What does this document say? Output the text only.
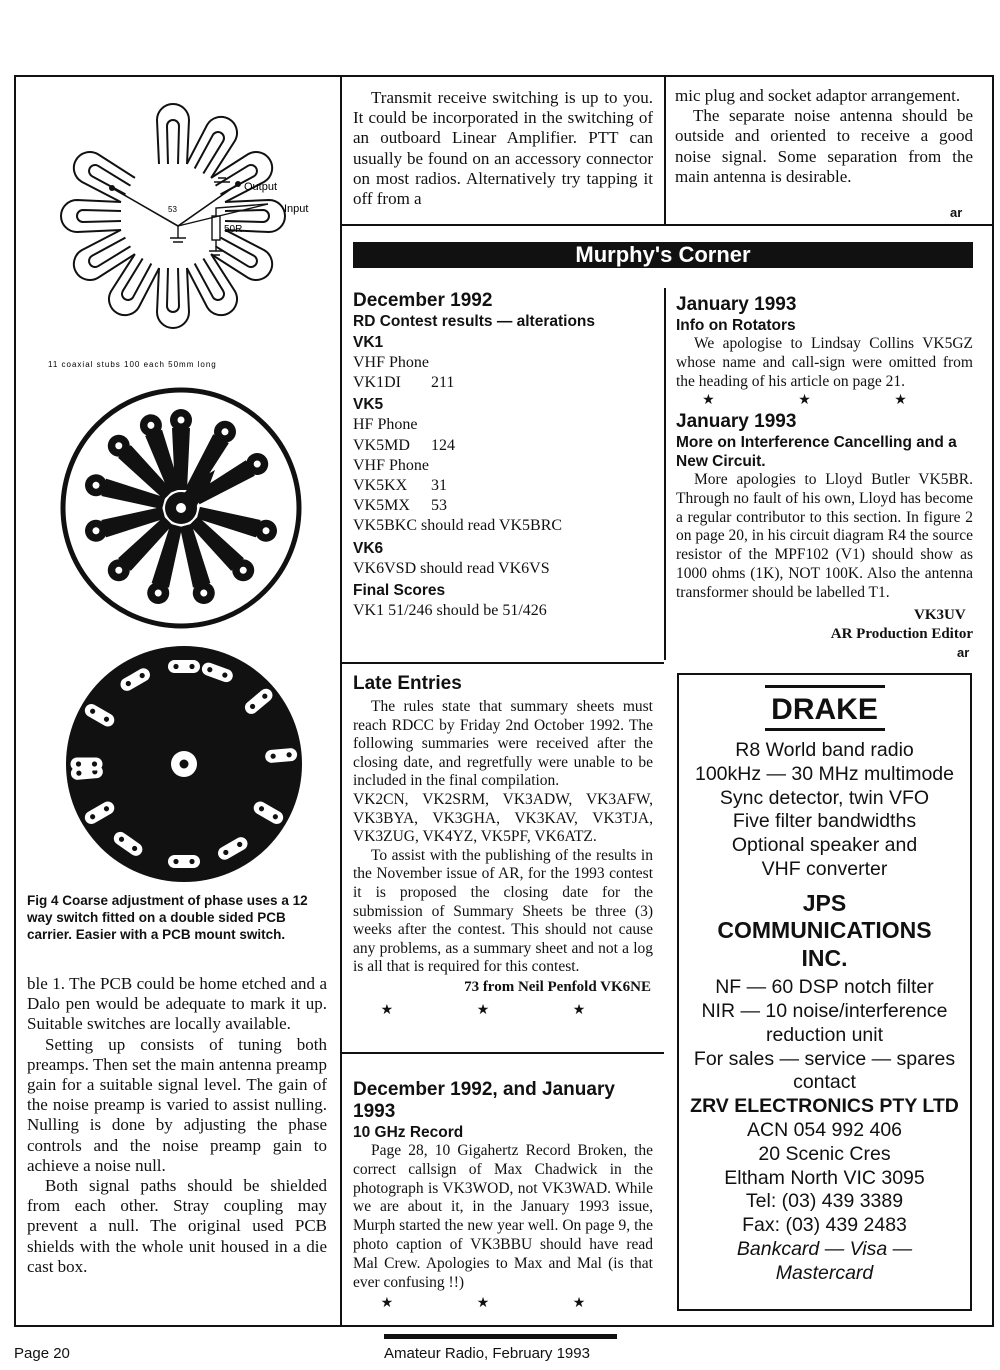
Output
Input
50R
53
11 coaxial stubs 100 each 50mm long
Fig 4 Coarse adjustment of phase uses a 12 way switch fitted on a double sided PCB carrier. Easier with a PCB mount switch.

ble 1. The PCB could be home etched and a Dalo pen would be adequate to mark it up. Suitable switches are locally available.

Setting up consists of tuning both preamps. Then set the main antenna preamp gain for a suitable signal level. The gain of the noise preamp is varied to assist nulling. Nulling is done by adjusting the phase controls and the noise preamp gain to achieve a noise null.

Both signal paths should be shielded from each other. Stray coupling may prevent a null. The original used PCB shields with the whole unit housed in a die cast box.

Transmit receive switching is up to you. It could be incorporated in the switching of an outboard Linear Amplifier. PTT can usually be found on an accessory connector on most radios. Alternatively try tapping it off from a

mic plug and socket adaptor arrangement.

The separate noise antenna should be outside and oriented to receive a good noise signal. Some separation from the main antenna is desirable.

ar
Murphy's Corner
December 1992
RD Contest results — alterations
VK1
VHF Phone
VK1DI 211
VK5
HF Phone
VK5MD 124
VHF Phone
VK5KX 31
VK5MX 53
VK5BKC should read VK5BRC
VK6
VK6VSD should read VK6VS
Final Scores
VK1 51/246 should be 51/426
Late Entries

The rules state that summary sheets must reach RDCC by Friday 2nd October 1992. The following summaries were received after the closing date, and regretfully were unable to be included in the final compilation.

VK2CN, VK2SRM, VK3ADW, VK3AFW, VK3BYA, VK3GHA, VK3KAV, VK3TJA, VK3ZUG, VK4YZ, VK5PF, VK6ATZ.

To assist with the publishing of the results in the November issue of AR, for the 1993 contest it is proposed the closing date for the submission of Summary Sheets be three (3) weeks after the contest. This should not cause any problems, as a summary sheet and not a log is all that is required for this contest.

73 from Neil Penfold VK6NE
★ ★ ★
December 1992, and January 1993
10 GHz Record
Page 28, 10 Gigahertz Record Broken, the correct callsign of Max Chadwick in the photograph is VK3WOD, not VK3WAD. While we are about it, in the January 1993 issue, Murph started the new year well. On page 9, the photo caption of VK3BBU should have read Mal Crew. Apologies to Max and Mal (is that ever confusing !!)
★ ★ ★
January 1993
Info on Rotators
We apologise to Lindsay Collins VK5GZ whose name and call-sign were omitted from the heading of his article on page 21.
★ ★ ★
January 1993
More on Interference Cancelling and a New Circuit.
More apologies to Lloyd Butler VK5BR. Through no fault of his own, Lloyd has become a regular contributor to this section. In figure 2 on page 20, in his circuit diagram R4 the source resistor of the MPF102 (V1) should show as 1000 ohms (1K), NOT 100K. Also the antenna transformer should be labelled T1.
VK3UV
AR Production Editor
ar
DRAKE
R8 World band radio
100kHz — 30 MHz multimode
Sync detector, twin VFO
Five filter bandwidths
Optional speaker and
VHF converter
JPS
COMMUNICATIONS
INC.
NF — 60 DSP notch filter
NIR — 10 noise/interference
reduction unit
For sales — service — spares
contact
ZRV ELECTRONICS PTY LTD
ACN 054 992 406
20 Scenic Cres
Eltham North VIC 3095
Tel: (03) 439 3389
Fax: (03) 439 2483
Bankcard — Visa —
Mastercard
Page 20	Amateur Radio, February 1993
